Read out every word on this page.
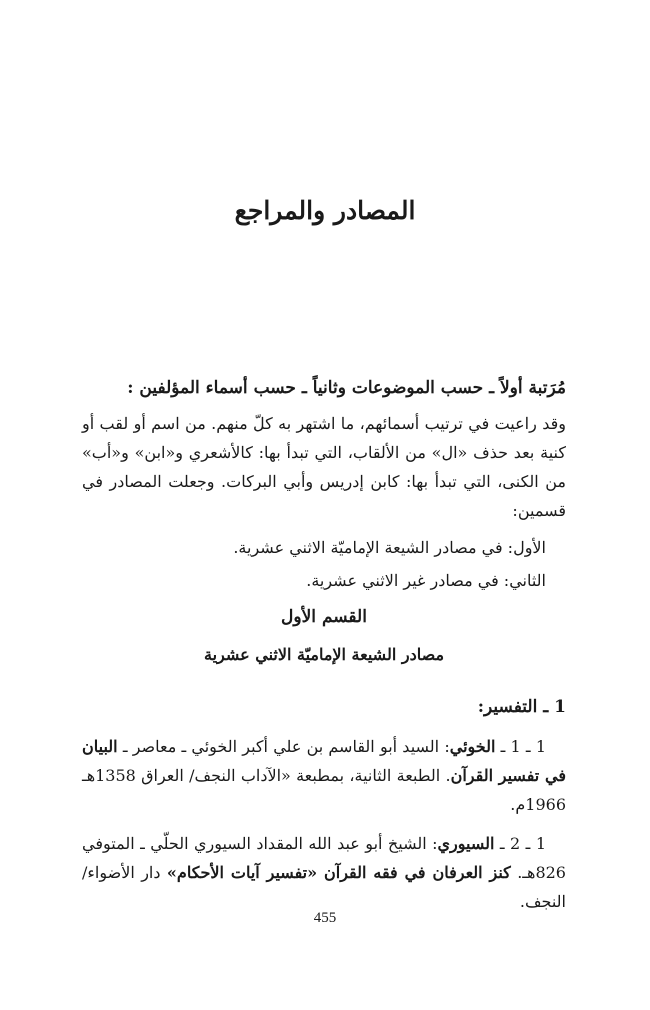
المصادر والمراجع

مُرَتبة أولاً ـ حسب الموضوعات وثانياً ـ حسب أسماء المؤلفين :

وقد راعيت في ترتيب أسمائهم، ما اشتهر به كلّ منهم. من اسم أو لقب أو كنية بعد حذف «ال» من الألقاب، التي تبدأ بها: كالأشعري و«ابن» و«أب» من الكنى، التي تبدأ بها: كابن إدريس وأبي البركات. وجعلت المصادر في قسمين:

الأول: في مصادر الشيعة الإماميّة الاثني عشرية.

الثاني: في مصادر غير الاثني عشرية.

القسم الأول

مصادر الشيعة الإماميّة الاثني عشرية

1 ـ التفسير:

1 ـ 1 ـ الخوئي: السيد أبو القاسم بن علي أكبر الخوئي ـ معاصر ـ البيان في تفسير القرآن. الطبعة الثانية، بمطبعة «الآداب النجف/ العراق 1358هـ 1966م.

1 ـ 2 ـ السيوري: الشيخ أبو عبد الله المقداد السيوري الحلّي ـ المتوفي 826هـ. كنز العرفان في فقه القرآن «تفسير آيات الأحكام» دار الأضواء/ النجف.

455
